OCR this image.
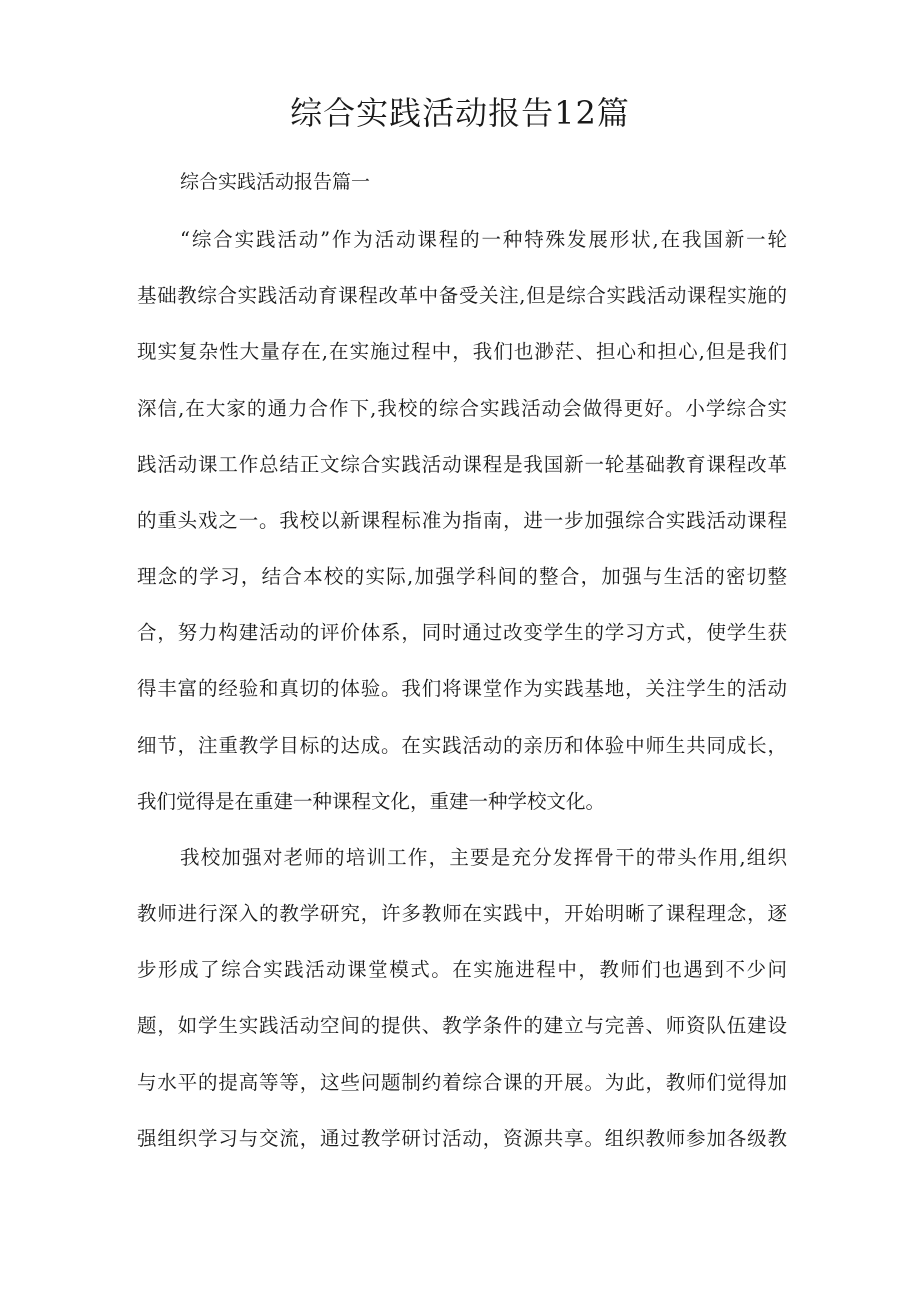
综合实践活动报告12篇

综合实践活动报告篇一

“综合实践活动”作为活动课程的一种特殊发展形状,在我国新一轮

基础教综合实践活动育课程改革中备受关注,但是综合实践活动课程实施的

现实复杂性大量存在,在实施过程中，我们也渺茫、担心和担心,但是我们

深信,在大家的通力合作下,我校的综合实践活动会做得更好。小学综合实

践活动课工作总结正文综合实践活动课程是我国新一轮基础教育课程改革

的重头戏之一。我校以新课程标准为指南，进一步加强综合实践活动课程

理念的学习，结合本校的实际,加强学科间的整合，加强与生活的密切整

合，努力构建活动的评价体系，同时通过改变学生的学习方式，使学生获

得丰富的经验和真切的体验。我们将课堂作为实践基地，关注学生的活动

细节，注重教学目标的达成。在实践活动的亲历和体验中师生共同成长，

我们觉得是在重建一种课程文化，重建一种学校文化。

我校加强对老师的培训工作，主要是充分发挥骨干的带头作用,组织

教师进行深入的教学研究，许多教师在实践中，开始明晰了课程理念，逐

步形成了综合实践活动课堂模式。在实施进程中，教师们也遇到不少问

题，如学生实践活动空间的提供、教学条件的建立与完善、师资队伍建设

与水平的提高等等，这些问题制约着综合课的开展。为此，教师们觉得加

强组织学习与交流，通过教学研讨活动，资源共享。组织教师参加各级教
